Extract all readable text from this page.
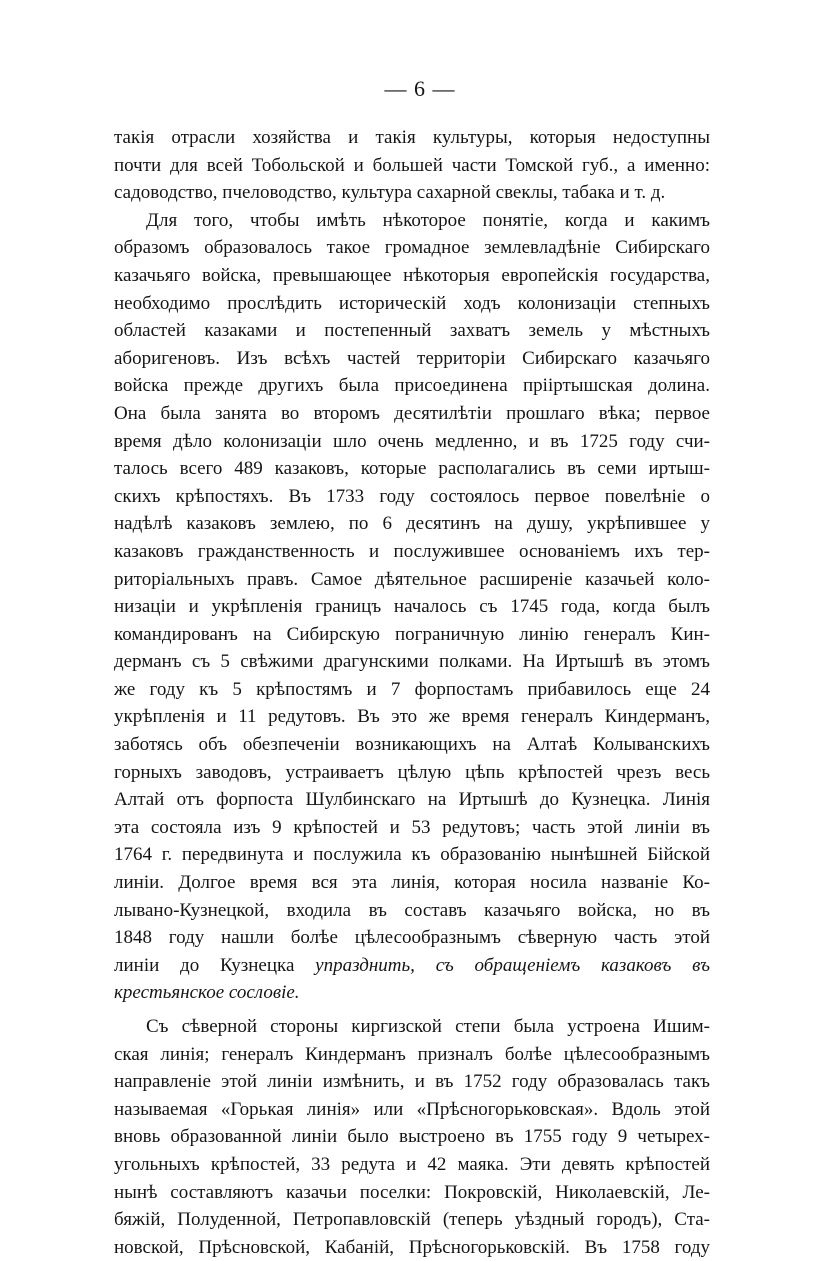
— 6 —
такія отрасли хозяйства и такія культуры, которыя недоступны
почти для всей Тобольской и большей части Томской губ., а именно:
садоводство, пчеловодство, культура сахарной свеклы, табака и т. д.
Для того, чтобы имѣть нѣкоторое понятіе, когда и какимъ
образомъ образовалось такое громадное землевладѣніе Сибирскаго
казачьяго войска, превышающее нѣкоторыя европейскія государства,
необходимо прослѣдить историческій ходъ колонизаціи степныхъ
областей казаками и постепенный захватъ земель у мѣстныхъ
аборигеновъ. Изъ всѣхъ частей территоріи Сибирскаго казачьяго
войска прежде другихъ была присоединена прііртышская долина.
Она была занята во второмъ десятилѣтіи прошлаго вѣка; первое
время дѣло колонизаціи шло очень медленно, и въ 1725 году счи-
талось всего 489 казаковъ, которые располагались въ семи иртыш-
скихъ крѣпостяхъ. Въ 1733 году состоялось первое повелѣніе о
надѣлѣ казаковъ землею, по 6 десятинъ на душу, укрѣпившее у
казаковъ гражданственность и послужившее основаніемъ ихъ тер-
риторіальныхъ правъ. Самое дѣятельное расширеніе казачьей коло-
низаціи и укрѣпленія границъ началось съ 1745 года, когда былъ
командированъ на Сибирскую пограничную линію генералъ Кин-
дерманъ съ 5 свѣжими драгунскими полками. На Иртышѣ въ этомъ
же году къ 5 крѣпостямъ и 7 форпостамъ прибавилось еще 24
укрѣпленія и 11 редутовъ. Въ это же время генералъ Киндерманъ,
заботясь объ обезпеченіи возникающихъ на Алтаѣ Колыванскихъ
горныхъ заводовъ, устраиваетъ цѣлую цѣпь крѣпостей чрезъ весь
Алтай отъ форпоста Шулбинскаго на Иртышѣ до Кузнецка. Линія
эта состояла изъ 9 крѣпостей и 53 редутовъ; часть этой линіи въ
1764 г. передвинута и послужила къ образованію нынѣшней Бійской
линіи. Долгое время вся эта линія, которая носила названіе Ко-
лывано-Кузнецкой, входила въ составъ казачьяго войска, но въ
1848 году нашли болѣе цѣлесообразнымъ сѣверную часть этой
линіи до Кузнецка упразднить, съ обращеніемъ казаковъ въ
крестьянское сословіе.
Съ сѣверной стороны киргизской степи была устроена Ишим-
ская линія; генералъ Киндерманъ призналъ болѣе цѣлесообразнымъ
направленіе этой линіи измѣнить, и въ 1752 году образовалась такъ
называемая «Горькая линія» или «Прѣсногорьковская». Вдоль этой
вновь образованной линіи было выстроено въ 1755 году 9 четырех-
угольныхъ крѣпостей, 33 редута и 42 маяка. Эти девять крѣпостей
нынѣ составляютъ казачьи поселки: Покровскій, Николаевскій, Ле-
бяжій, Полуденной, Петропавловскій (теперь уѣздный городъ), Ста-
новской, Прѣсновской, Кабаній, Прѣсногорьковскій. Въ 1758 году
